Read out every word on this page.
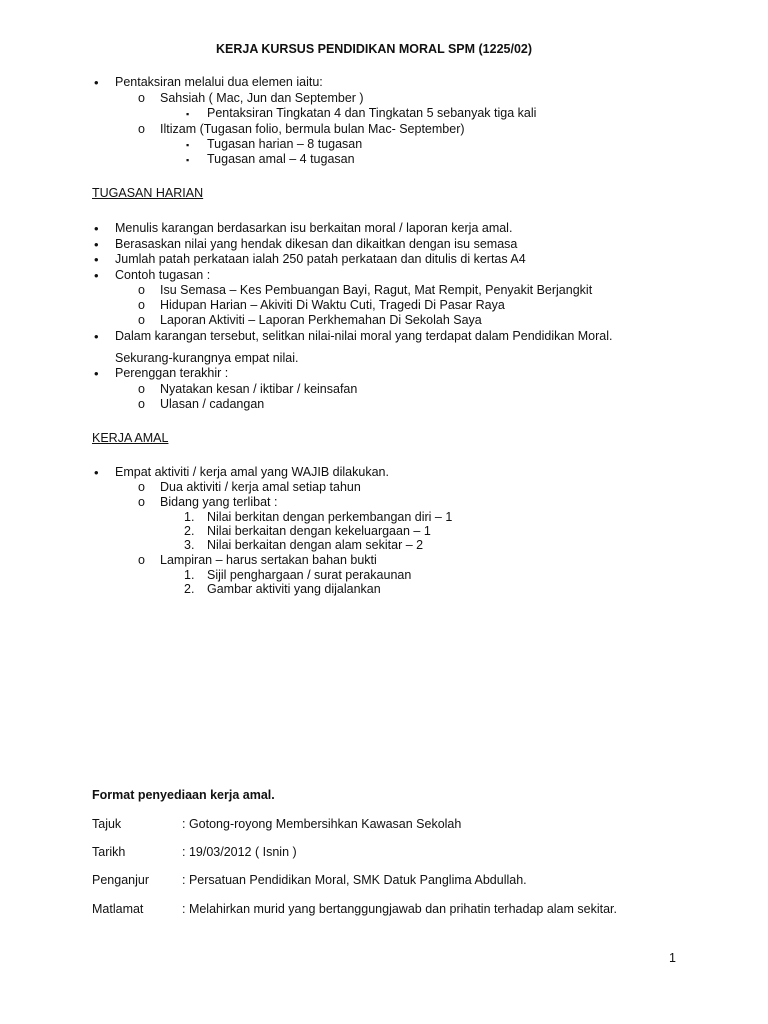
KERJA KURSUS PENDIDIKAN MORAL SPM (1225/02)
• Pentaksiran melalui dua elemen iaitu:
o Sahsiah ( Mac, Jun dan September )
▪ Pentaksiran Tingkatan 4 dan Tingkatan 5 sebanyak tiga kali
o Iltizam (Tugasan folio, bermula bulan Mac- September)
▪ Tugasan harian – 8 tugasan
▪ Tugasan amal – 4 tugasan
TUGASAN HARIAN
• Menulis karangan berdasarkan isu berkaitan moral / laporan kerja amal.
• Berasaskan nilai yang hendak dikesan dan dikaitkan dengan isu semasa
• Jumlah patah perkataan ialah 250 patah perkataan dan ditulis di kertas A4
• Contoh tugasan :
o Isu Semasa – Kes Pembuangan Bayi, Ragut, Mat Rempit, Penyakit Berjangkit
o Hidupan Harian – Akiviti Di Waktu Cuti, Tragedi Di Pasar Raya
o Laporan Aktiviti – Laporan Perkhemahan Di Sekolah Saya
• Dalam karangan tersebut, selitkan nilai-nilai moral yang terdapat dalam Pendidikan Moral.
Sekurang-kurangnya empat nilai.
• Perenggan terakhir :
o Nyatakan kesan / iktibar / keinsafan
o Ulasan / cadangan
KERJA AMAL
• Empat aktiviti / kerja amal yang WAJIB dilakukan.
o Dua aktiviti / kerja amal setiap tahun
o Bidang yang terlibat :
1. Nilai berkitan dengan perkembangan diri – 1
2. Nilai berkaitan dengan kekeluargaan – 1
3. Nilai berkaitan dengan alam sekitar – 2
o Lampiran – harus sertakan bahan bukti
1. Sijil penghargaan / surat perakaunan
2. Gambar aktiviti yang dijalankan
Format penyediaan kerja amal.
Tajuk	: Gotong-royong Membersihkan Kawasan Sekolah
Tarikh	: 19/03/2012 ( Isnin )
Penganjur	: Persatuan Pendidikan Moral, SMK Datuk Panglima Abdullah.
Matlamat	: Melahirkan murid yang bertanggungjawab dan prihatin terhadap alam sekitar.
1
